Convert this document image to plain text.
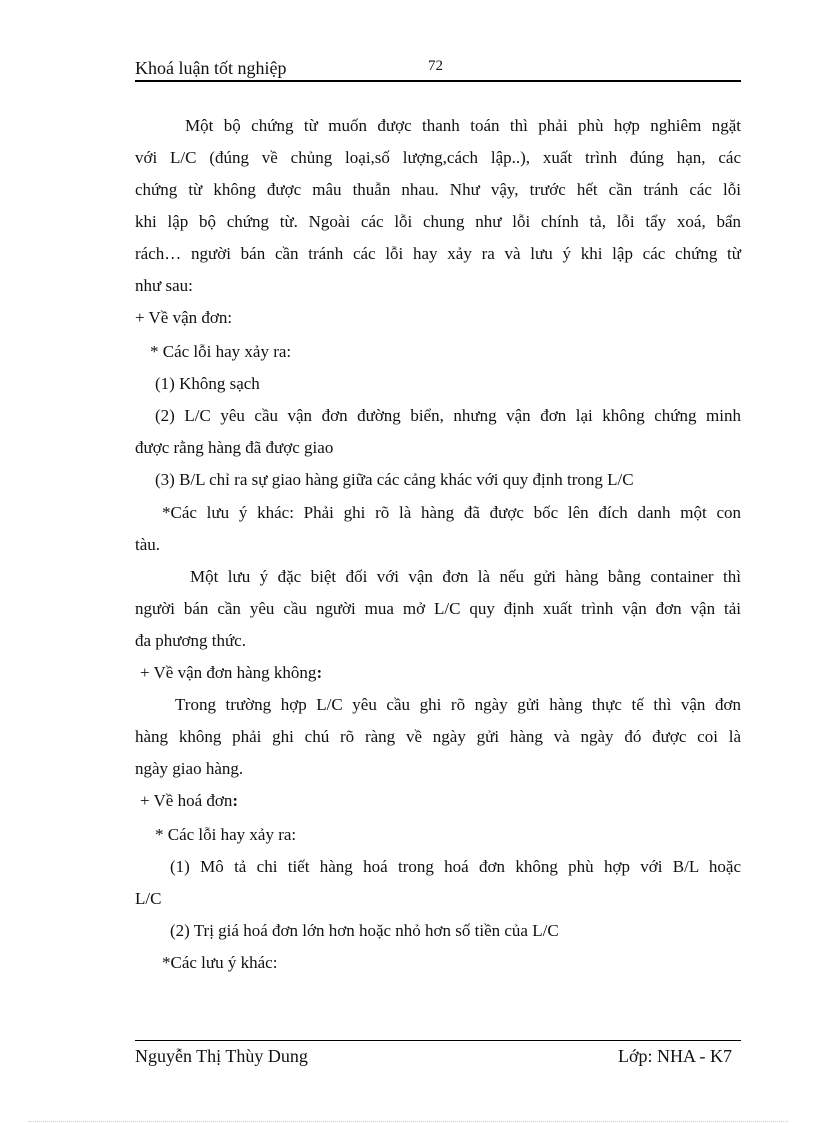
Khoá luận tốt nghiệp	72
Một bộ chứng từ muốn được thanh toán thì phải phù hợp nghiêm ngặt
với L/C (đúng về chủng loại,số lượng,cách lập..), xuất trình đúng hạn, các
chứng từ không được mâu thuẫn nhau. Như vậy, trước hết cần tránh các lỗi
khi lập bộ chứng từ. Ngoài các lỗi chung như lỗi chính tả, lỗi tẩy xoá, bẩn
rách… người bán cần tránh các lỗi hay xảy ra và lưu ý khi lập các chứng từ
như sau:
+ Về vận đơn:
* Các lỗi hay xảy ra:
(1) Không sạch
(2) L/C yêu cầu vận đơn đường biển, nhưng vận đơn lại không chứng minh
được rằng hàng đã được giao
(3) B/L chỉ ra sự giao hàng giữa các cảng khác với quy định trong L/C
*Các lưu ý khác: Phải ghi rõ là hàng đã được bốc lên đích danh một con
tàu.
Một lưu ý đặc biệt đối với vận đơn là nếu gửi hàng bằng container thì
người bán cần yêu cầu người mua mở L/C quy định xuất trình vận đơn vận tải
đa phương thức.
+ Về vận đơn hàng không:
Trong trường hợp L/C yêu cầu ghi rõ ngày gửi hàng thực tế thì vận đơn
hàng không phải ghi chú rõ ràng về ngày gửi hàng và ngày đó được coi là
ngày giao hàng.
+ Về hoá đơn:
* Các lỗi hay xảy ra:
(1) Mô tả chi tiết hàng hoá trong hoá đơn không phù hợp với B/L hoặc
L/C
(2) Trị giá hoá đơn lớn hơn hoặc nhỏ hơn số tiền của L/C
*Các lưu ý khác:
Nguyễn Thị Thùy Dung	Lớp: NHA - K7
